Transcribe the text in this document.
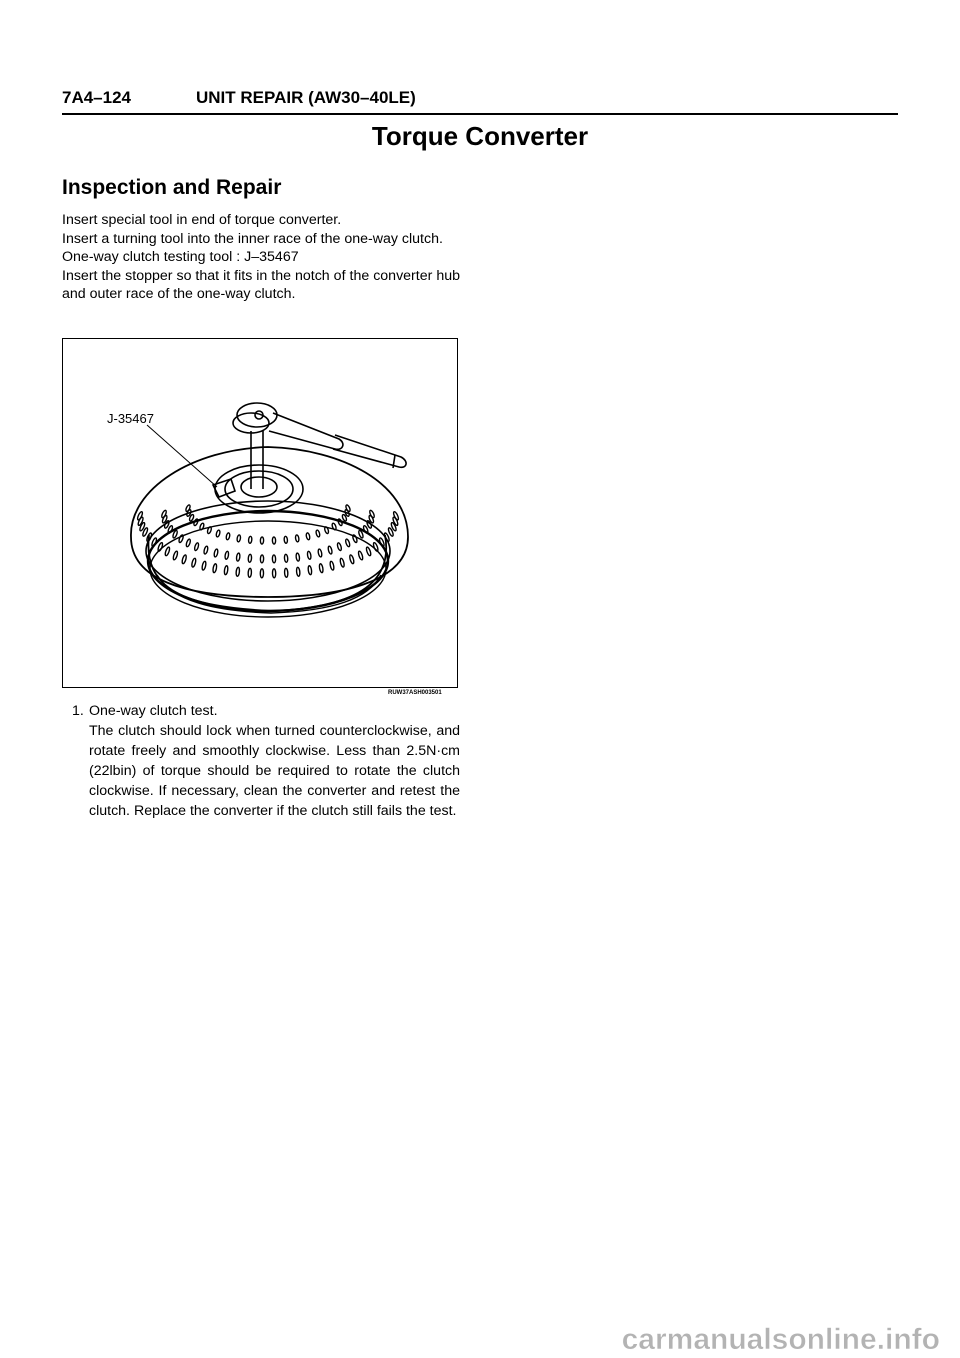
7A4–124	UNIT REPAIR (AW30–40LE)
Torque Converter
Inspection and Repair

Insert special tool in end of torque converter.

Insert a turning tool into the inner race of the one-way clutch.

One-way clutch testing tool : J–35467

Insert the stopper so that it fits in the notch of the converter hub and outer race of the one-way clutch.

J-35467
RUW37ASH003501
1. One-way clutch test.

The clutch should lock when turned counterclockwise, and rotate freely and smoothly clockwise. Less than 2.5N·cm (22lbin) of torque should be required to rotate the clutch clockwise. If necessary, clean the converter and retest the clutch. Replace the converter if the clutch still fails the test.

carmanualsonline.info
